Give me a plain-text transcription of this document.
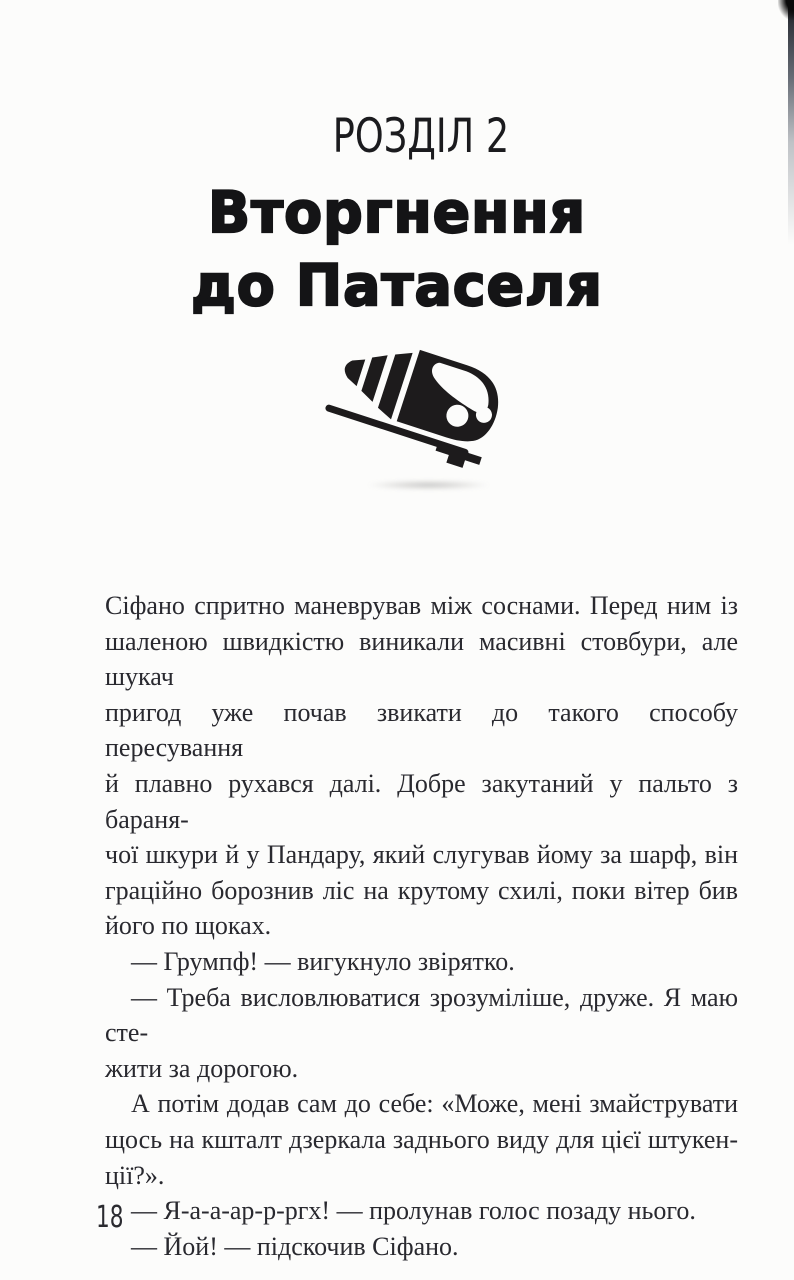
РОЗДІЛ 2
Вторгнення
до Патаселя
Сіфано спритно маневрував між соснами. Перед ним із
шаленою швидкістю виникали масивні стовбури, але шукач
пригод уже почав звикати до такого способу пересування
й плавно рухався далі. Добре закутаний у пальто з бараня-
чої шкури й у Пандару, який слугував йому за шарф, він
граційно борознив ліс на крутому схилі, поки вітер бив
його по щоках.
— Грумпф! — вигукнуло звірятко.
— Треба висловлюватися зрозуміліше, друже. Я маю сте-
жити за дорогою.
А потім додав сам до себе: «Може, мені змайструвати
щось на кшталт дзеркала заднього виду для цієї штукен-
ції?».
— Я-а-а-ар-р-ргх! — пролунав голос позаду нього.
— Йой! — підскочив Сіфано.
18
